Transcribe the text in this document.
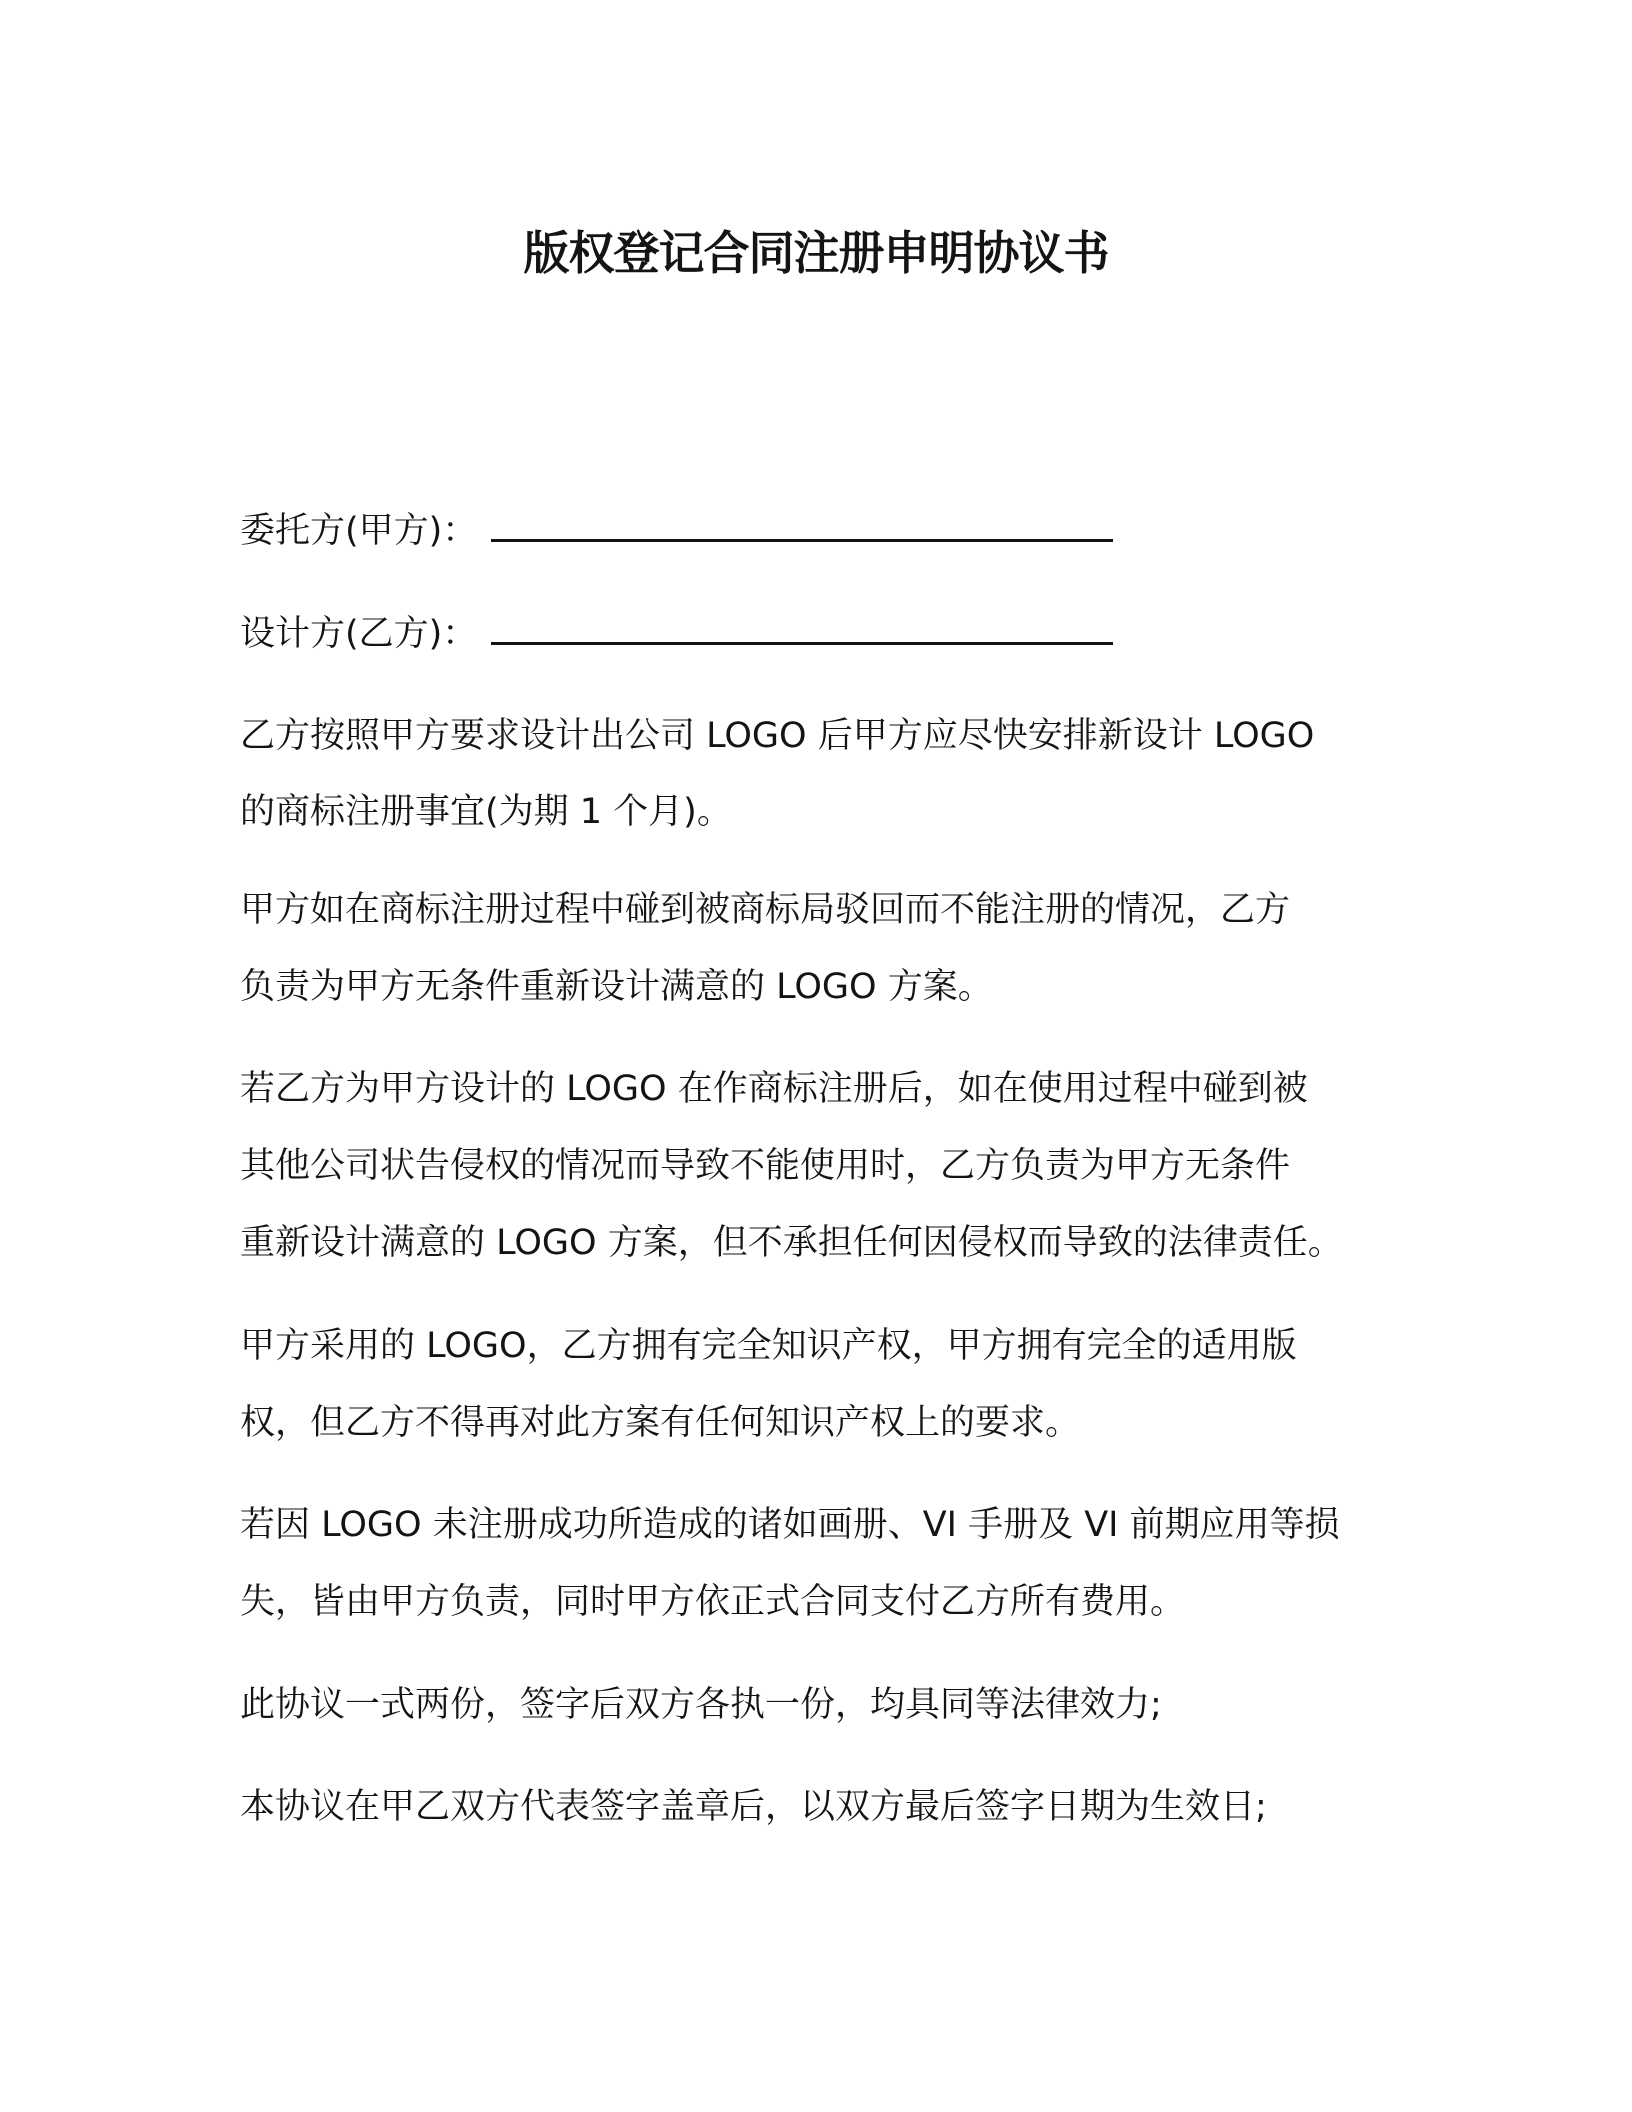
版权登记合同注册申明协议书
委托方(甲方)：
设计方(乙方)：
乙方按照甲方要求设计出公司 LOGO 后甲方应尽快安排新设计 LOGO
的商标注册事宜(为期 1 个月)。
甲方如在商标注册过程中碰到被商标局驳回而不能注册的情况，乙方
负责为甲方无条件重新设计满意的 LOGO 方案。
若乙方为甲方设计的 LOGO 在作商标注册后，如在使用过程中碰到被
其他公司状告侵权的情况而导致不能使用时，乙方负责为甲方无条件
重新设计满意的 LOGO 方案，但不承担任何因侵权而导致的法律责任。
甲方采用的 LOGO，乙方拥有完全知识产权，甲方拥有完全的适用版
权，但乙方不得再对此方案有任何知识产权上的要求。
若因 LOGO 未注册成功所造成的诸如画册、VI 手册及 VI 前期应用等损
失，皆由甲方负责，同时甲方依正式合同支付乙方所有费用。
此协议一式两份，签字后双方各执一份，均具同等法律效力;
本协议在甲乙双方代表签字盖章后，以双方最后签字日期为生效日;
